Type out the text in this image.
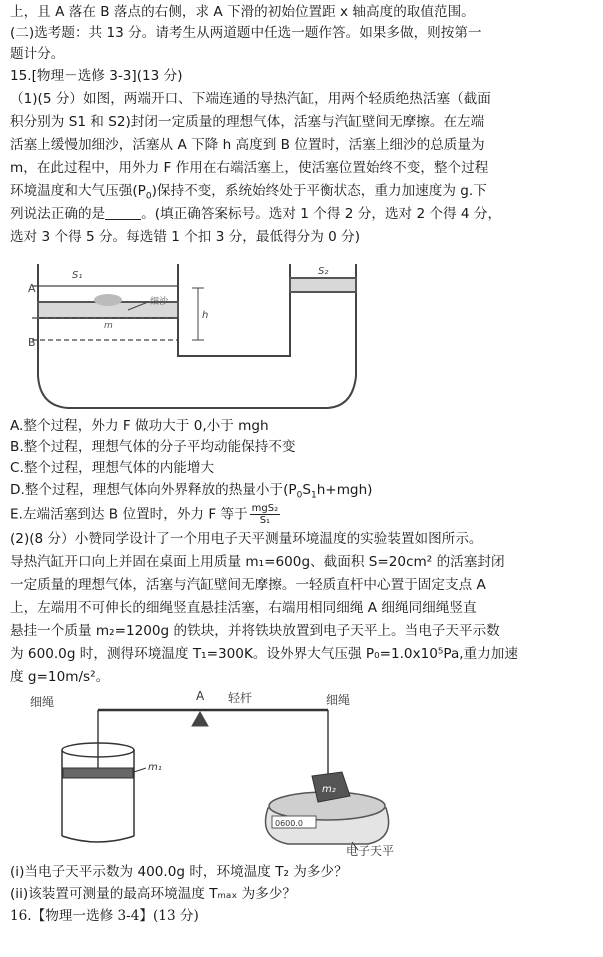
上，且 A 落在 B 落点的右侧，求 A 下滑的初始位置距 x 轴高度的取值范围。
(二)选考题：共 13 分。请考生从两道题中任选一题作答。如果多做，则按第一
题计分。
15.[物理－选修 3-3](13 分)
（1)(5 分）如图，两端开口、下端连通的导热汽缸，用两个轻质绝热活塞（截面
积分别为 S1 和 S2)封闭一定质量的理想气体，活塞与汽缸壁间无摩擦。在左端
活塞上缓慢加细沙，活塞从 A 下降 h 高度到 B 位置时，活塞上细沙的总质量为
m，在此过程中，用外力 F 作用在右端活塞上，使活塞位置始终不变，整个过程
环境温度和大气压强$(P_0)$保持不变，系统始终处于平衡状态，重力加速度为 g.下
列说法正确的是	。(填正确答案标号。选对 1 个得 2 分，选对 2 个得 4 分，
选对 3 个得 5 分。每选错 1 个扣 3 分，最低得分为 0 分)
S₁	S₂
A
B
h
细沙
m
A.整个过程，外力 F 做功大于 0,小于 mgh
B.整个过程，理想气体的分子平均动能保持不变
C.整个过程，理想气体的内能增大
D.整个过程，理想气体向外界释放的热量小于$(P_0S_1h+mgh)$
E.左端活塞到达 B 位置时，外力 F 等于 $\frac{\text{mgS₂}}{\text{S₁}}$
(2)(8 分）小赞同学设计了一个用电子天平测量环境温度的实验装置如图所示。
导热汽缸开口向上并固在桌面上用质量 m₁=600g、截面积 S=20cm² 的活塞封闭
一定质量的理想气体，活塞与汽缸壁间无摩擦。一轻质直杆中心置于固定支点 A
上，左端用不可伸长的细绳竖直悬挂活塞，右端用相同细绳 A 细绳同细绳竖直
悬挂一个质量 m₂=1200g 的铁块，并将铁块放置到电子天平上。当电子天平示数
为 600.0g 时，测得环境温度 T₁=300K。设外界大气压强 P₀=1.0x10⁵Pa,重力加速
度 g=10m/s²。
细绳	A 轻杆	细绳
m₁
m₂
0600.0
电子天平
(i)当电子天平示数为 400.0g 时，环境温度 T₂ 为多少？
(ii)该装置可测量的最高环境温度 Tₘₐₓ 为多少？
16.【物理一选修 3-4】(13 分)
